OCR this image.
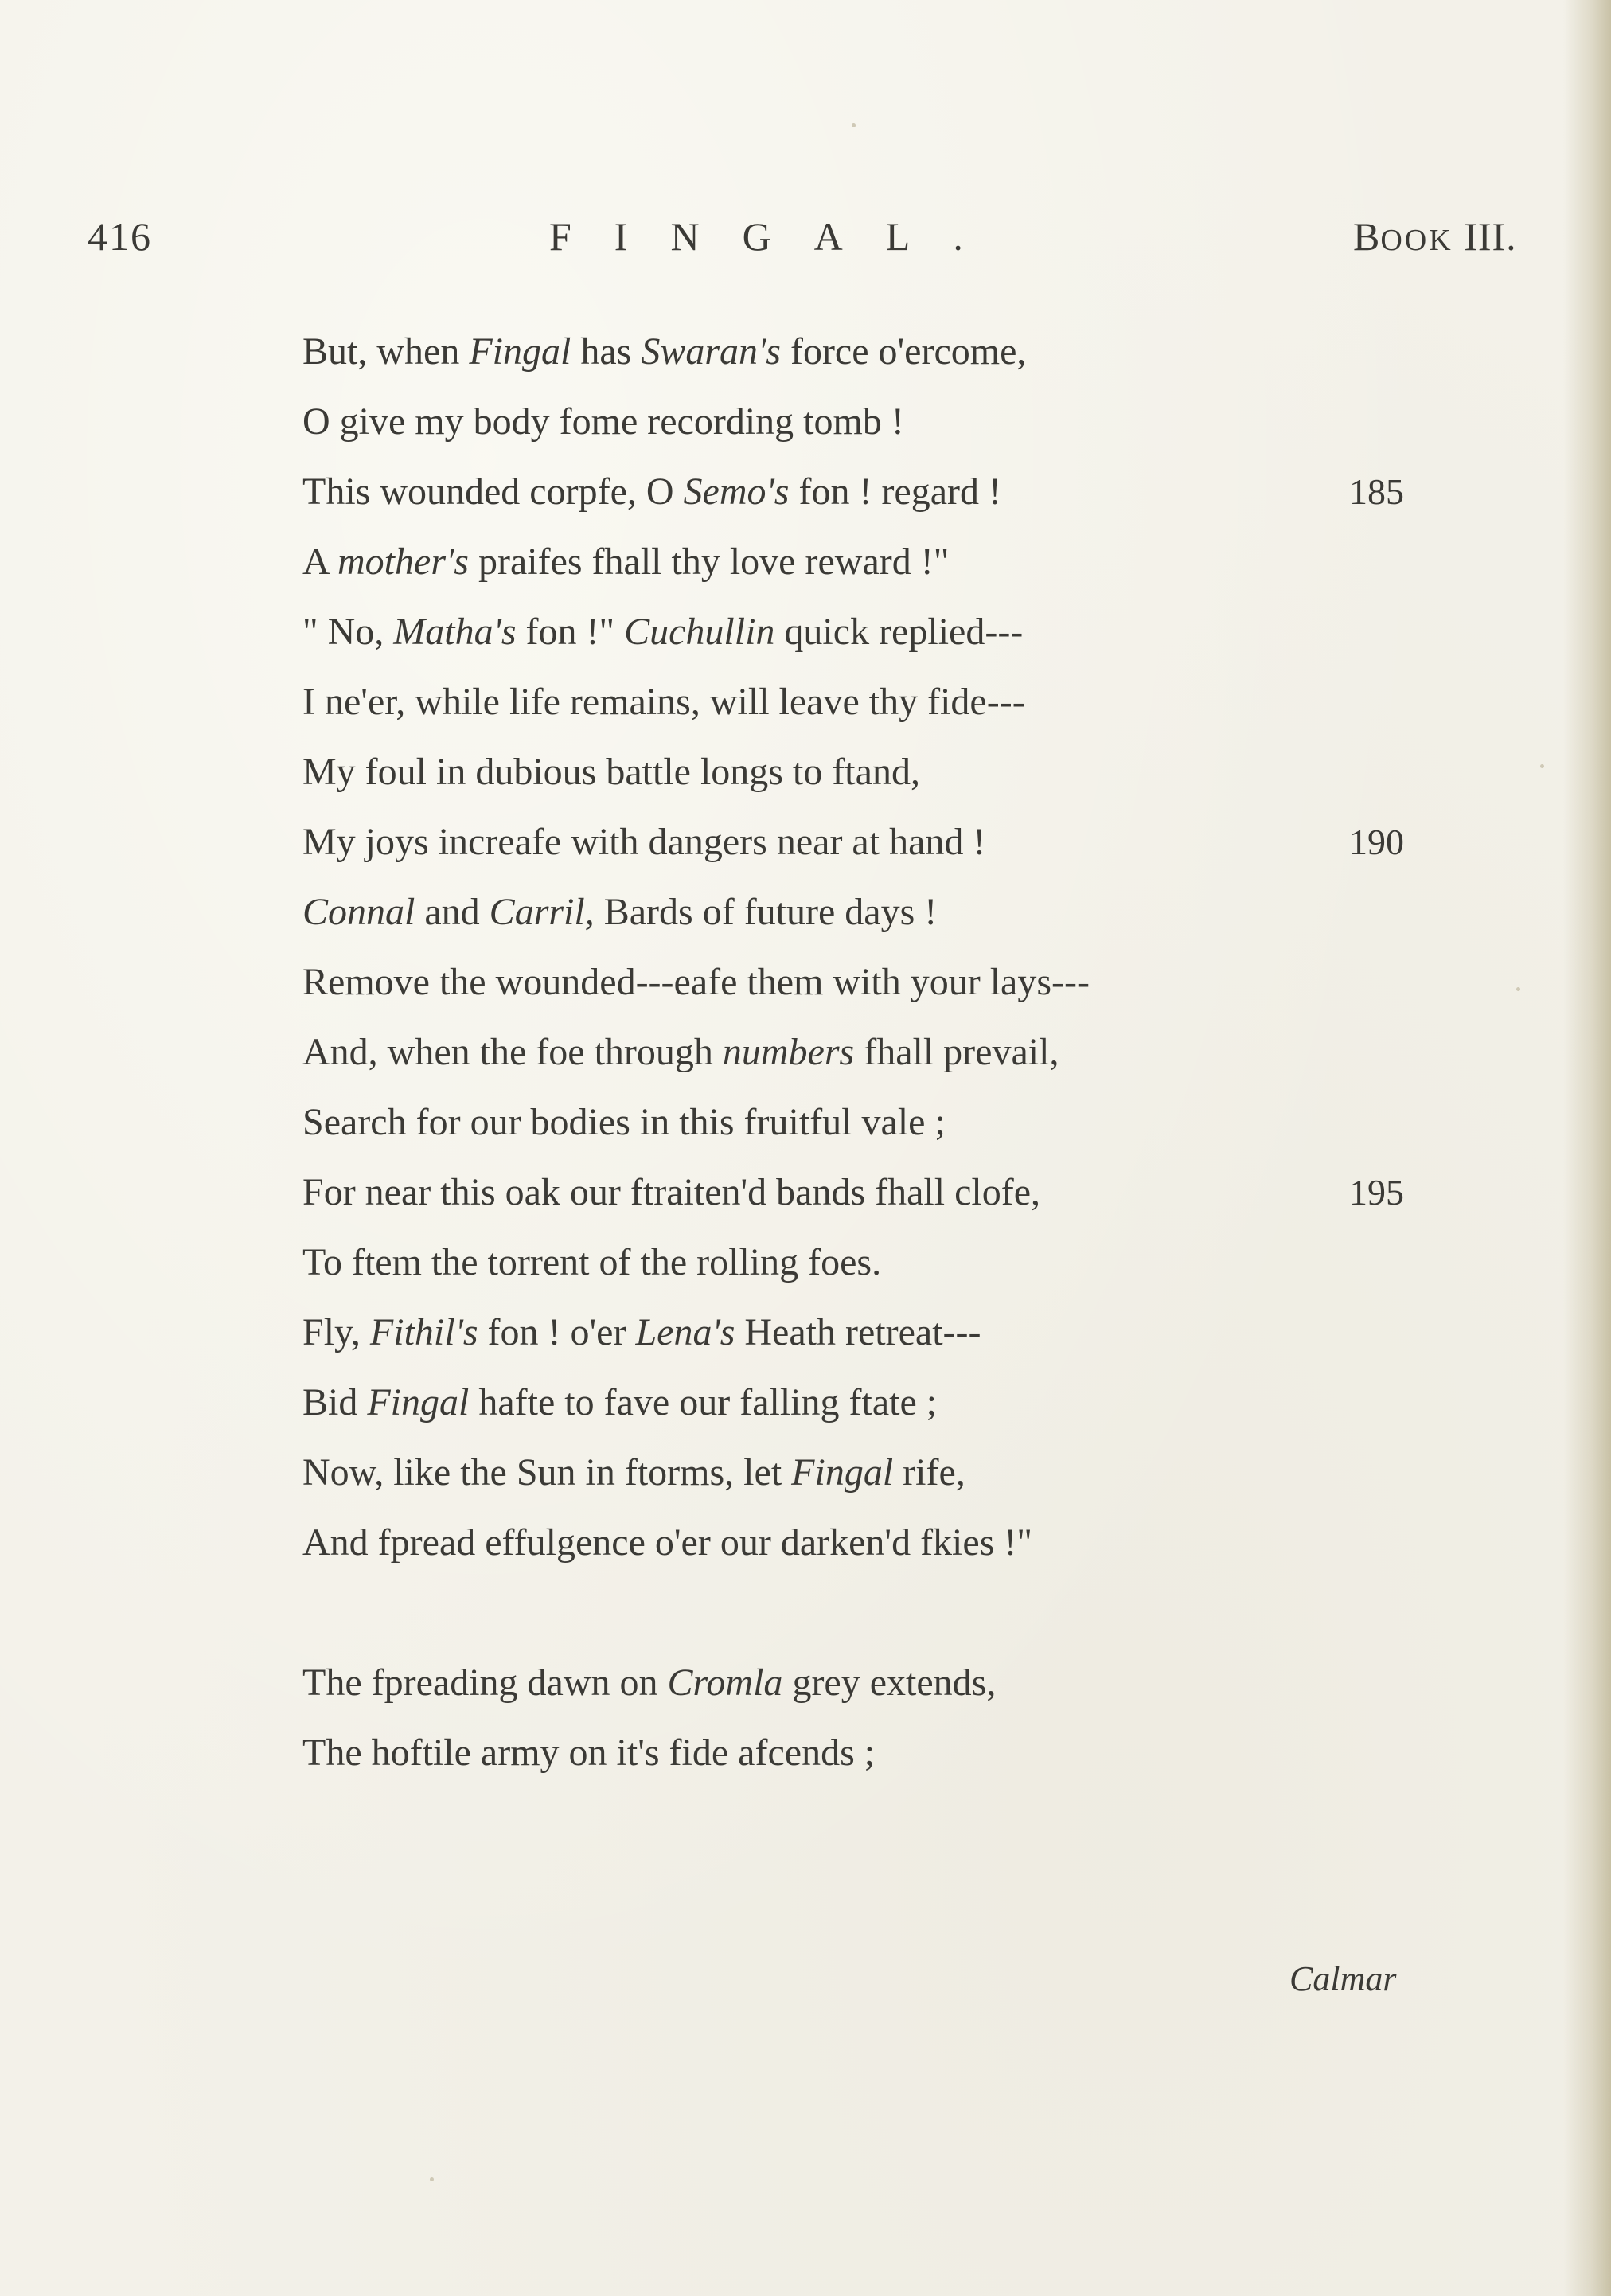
416	FINGAL.	BOOK III.
But, when Fingal has Swaran's force o'ercome,
O give my body fome recording tomb !
This wounded corpfe, O Semo's fon ! regard !	185
A mother's praifes fhall thy love reward !"
" No, Matha's fon !" Cuchullin quick replied---
I ne'er, while life remains, will leave thy fide---
My foul in dubious battle longs to ftand,
My joys increafe with dangers near at hand !	190
Connal and Carril, Bards of future days !
Remove the wounded---eafe them with your lays---
And, when the foe through numbers fhall prevail,
Search for our bodies in this fruitful vale ;
For near this oak our ftraiten'd bands fhall clofe,	195
To ftem the torrent of the rolling foes.
Fly, Fithil's fon ! o'er Lena's Heath retreat---
Bid Fingal hafte to fave our falling ftate ;
Now, like the Sun in ftorms, let Fingal rife,
And fpread effulgence o'er our darken'd fkies !"
The fpreading dawn on Cromla grey extends,
The hoftile army on it's fide afcends ;
Calmar
